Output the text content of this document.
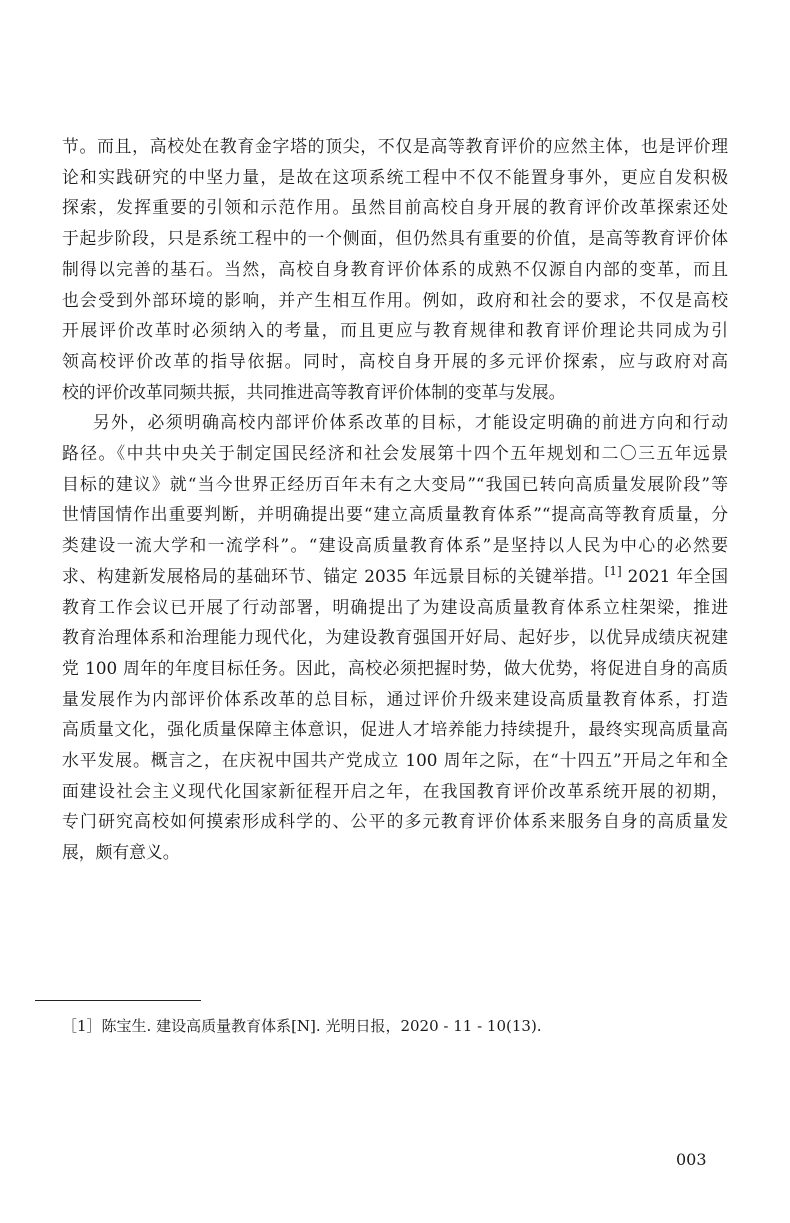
节。而且，高校处在教育金字塔的顶尖，不仅是高等教育评价的应然主体，也是评价理
论和实践研究的中坚力量，是故在这项系统工程中不仅不能置身事外，更应自发积极
探索，发挥重要的引领和示范作用。虽然目前高校自身开展的教育评价改革探索还处
于起步阶段，只是系统工程中的一个侧面，但仍然具有重要的价值，是高等教育评价体
制得以完善的基石。当然，高校自身教育评价体系的成熟不仅源自内部的变革，而且
也会受到外部环境的影响，并产生相互作用。例如，政府和社会的要求，不仅是高校
开展评价改革时必须纳入的考量，而且更应与教育规律和教育评价理论共同成为引
领高校评价改革的指导依据。同时，高校自身开展的多元评价探索，应与政府对高
校的评价改革同频共振，共同推进高等教育评价体制的变革与发展。
另外，必须明确高校内部评价体系改革的目标，才能设定明确的前进方向和行动
路径。《中共中央关于制定国民经济和社会发展第十四个五年规划和二〇三五年远景
目标的建议》就“当今世界正经历百年未有之大变局”“我国已转向高质量发展阶段”等
世情国情作出重要判断，并明确提出要“建立高质量教育体系”“提高高等教育质量，分
类建设一流大学和一流学科”。“建设高质量教育体系”是坚持以人民为中心的必然要
求、构建新发展格局的基础环节、锚定 2035 年远景目标的关键举措。[1] 2021 年全国
教育工作会议已开展了行动部署，明确提出了为建设高质量教育体系立柱架梁，推进
教育治理体系和治理能力现代化，为建设教育强国开好局、起好步，以优异成绩庆祝建
党 100 周年的年度目标任务。因此，高校必须把握时势，做大优势，将促进自身的高质
量发展作为内部评价体系改革的总目标，通过评价升级来建设高质量教育体系，打造
高质量文化，强化质量保障主体意识，促进人才培养能力持续提升，最终实现高质量高
水平发展。概言之，在庆祝中国共产党成立 100 周年之际，在“十四五”开局之年和全
面建设社会主义现代化国家新征程开启之年，在我国教育评价改革系统开展的初期，
专门研究高校如何摸索形成科学的、公平的多元教育评价体系来服务自身的高质量发
展，颇有意义。
［1］陈宝生. 建设高质量教育体系[N]. 光明日报，2020 - 11 - 10(13).
003
